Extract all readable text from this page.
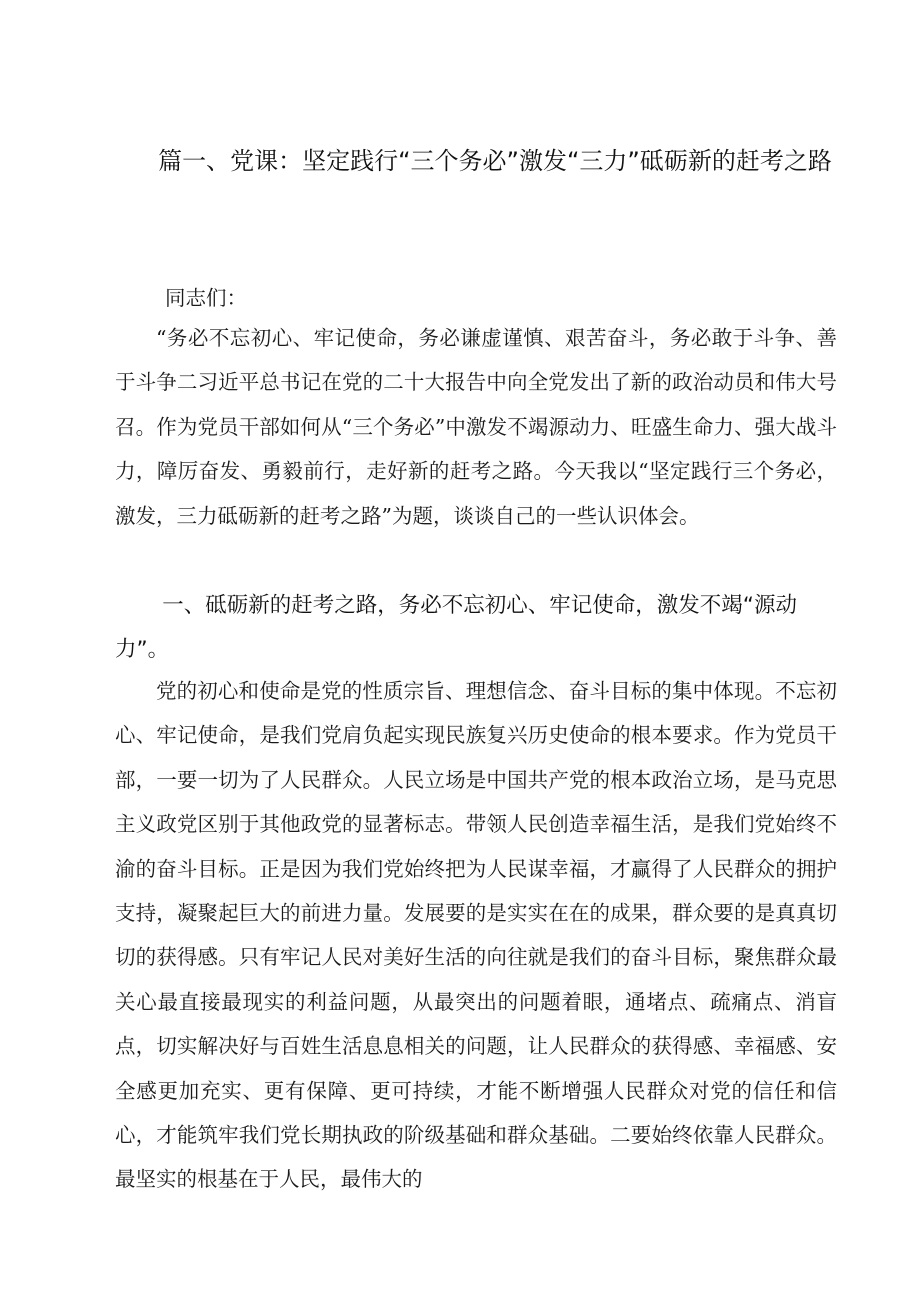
篇一、党课：坚定践行“三个务必”激发“三力”砥砺新的赶考之路

同志们：

“务必不忘初心、牢记使命，务必谦虚谨慎、艰苦奋斗，务必敢于斗争、善于斗争二习近平总书记在党的二十大报告中向全党发出了新的政治动员和伟大号召。作为党员干部如何从“三个务必”中激发不竭源动力、旺盛生命力、强大战斗力，障厉奋发、勇毅前行，走好新的赶考之路。今天我以“坚定践行三个务必，激发，三力砥砺新的赶考之路”为题，谈谈自己的一些认识体会。

一、砥砺新的赶考之路，务必不忘初心、牢记使命，激发不竭“源动力”。

党的初心和使命是党的性质宗旨、理想信念、奋斗目标的集中体现。不忘初心、牢记使命，是我们党肩负起实现民族复兴历史使命的根本要求。作为党员干部，一要一切为了人民群众。人民立场是中国共产党的根本政治立场，是马克思主义政党区别于其他政党的显著标志。带领人民创造幸福生活，是我们党始终不渝的奋斗目标。正是因为我们党始终把为人民谋幸福，才赢得了人民群众的拥护支持，凝聚起巨大的前进力量。发展要的是实实在在的成果，群众要的是真真切切的获得感。只有牢记人民对美好生活的向往就是我们的奋斗目标，聚焦群众最关心最直接最现实的利益问题，从最突出的问题着眼，通堵点、疏痛点、消盲点，切实解决好与百姓生活息息相关的问题，让人民群众的获得感、幸福感、安全感更加充实、更有保障、更可持续，才能不断增强人民群众对党的信任和信心，才能筑牢我们党长期执政的阶级基础和群众基础。二要始终依靠人民群众。最坚实的根基在于人民，最伟大的
